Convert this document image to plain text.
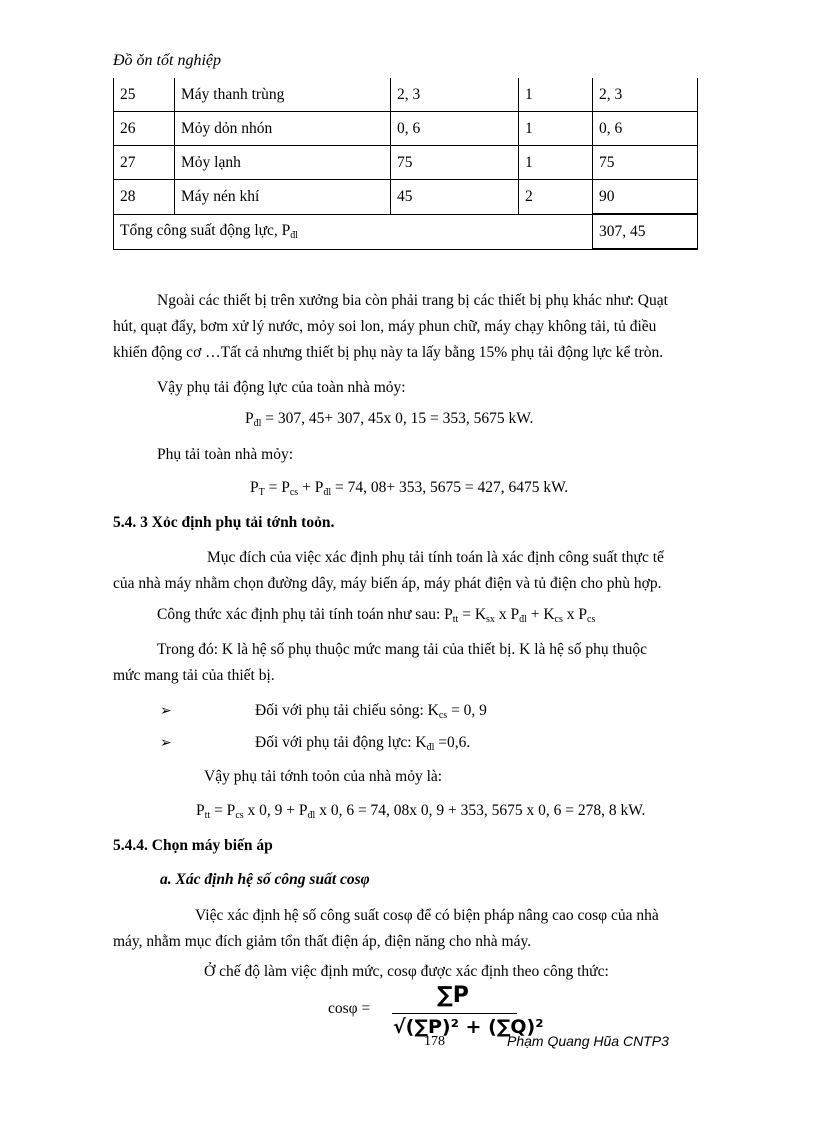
Đồ ǒn tốt nghiệp
25	Máy thanh trùng	2, 3	1	2, 3
26	Mỏy dỏn nhón	0, 6	1	0, 6
27	Mỏy lạnh	75	1	75
28	Máy nén khí	45	2	90
Tổng công suất động lực, $P_{đl}$				307, 45
Ngoài các thiết bị trên xưởng bia còn phải trang bị các thiết bị phụ khác như: Quạt
hút, quạt đẩy, bơm xử lý nước, mỏy soi lon, máy phun chữ, máy chạy không tải, tủ điều
khiển động cơ …Tất cả nhưng thiết bị phụ này ta lấy bằng 15% phụ tải động lực kể tròn.
Vậy phụ tải động lực của toàn nhà mỏy:
$P_{đl} = 307$, 45+ 307, 45x 0, 15 = 353, 5675 kW.
Phụ tải toàn nhà mỏy:
$P_T = P_{cs} + P_{đl} = 74$, 08+ 353, 5675 = 427, 6475 kW.
5.4. 3 Xỏc định phụ tải tớnh toỏn.
Mục đích của việc xác định phụ tải tính toán là xác định công suất thực tế
của nhà máy nhằm chọn đường dây, máy biến áp, máy phát điện và tủ điện cho phù hợp.
Công thức xác định phụ tải tính toán như sau: $P_{tt} = K_{sx}$ x $P_{đl} + K_{cs}$ x $P_{cs}$
Trong đó: K là hệ số phụ thuộc mức mang tải của thiết bị. K là hệ số phụ thuộc
mức mang tải của thiết bị.
➢	Đối với phụ tải chiếu sỏng: $K_{cs} = 0$, 9
➢	Đối với phụ tải động lực: $K_{đl} =0,6$.
Vậy phụ tải tớnh toỏn của nhà mỏy là:
$P_{tt} = P_{cs}$ x 0, $9 + P_{đl}$ x 0, 6 = 74, 08x 0, 9 + 353, 5675 x 0, 6 = 278, 8 kW.
5.4.4. Chọn máy biến áp
a. Xác định hệ số công suất cosφ
Việc xác định hệ số công suất cosφ để có biện pháp nâng cao cosφ của nhà
máy, nhằm mục đích giảm tổn thất điện áp, điện năng cho nhà máy.
Ở chế độ làm việc định mức, cosφ được xác định theo công thức:
cosφ =
∑P
√(∑P)² + (∑Q)²
178	Phạm Quang Hũa CNTP3
